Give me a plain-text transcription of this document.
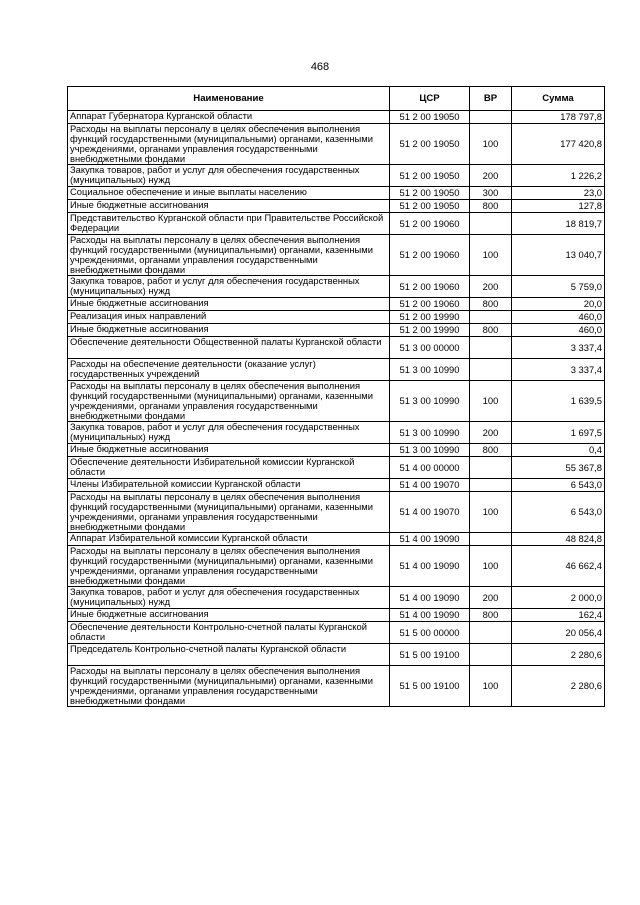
468
Наименование	ЦСР	ВР	Сумма
Аппарат Губернатора Курганской области	51 2 00 19050		178 797,8
Расходы на выплаты персоналу в целях обеспечения выполнения функций государственными (муниципальными) органами, казенными учреждениями, органами управления государственными внебюджетными фондами	51 2 00 19050	100	177 420,8
Закупка товаров, работ и услуг для обеспечения государственных (муниципальных) нужд	51 2 00 19050	200	1 226,2
Социальное обеспечение и иные выплаты населению	51 2 00 19050	300	23,0
Иные бюджетные ассигнования	51 2 00 19050	800	127,8
Представительство Курганской области при Правительстве Российской Федерации	51 2 00 19060		18 819,7
Расходы на выплаты персоналу в целях обеспечения выполнения функций государственными (муниципальными) органами, казенными учреждениями, органами управления государственными внебюджетными фондами	51 2 00 19060	100	13 040,7
Закупка товаров, работ и услуг для обеспечения государственных (муниципальных) нужд	51 2 00 19060	200	5 759,0
Иные бюджетные ассигнования	51 2 00 19060	800	20,0
Реализация иных направлений	51 2 00 19990		460,0
Иные бюджетные ассигнования	51 2 00 19990	800	460,0
Обеспечение деятельности Общественной палаты Курганской области	51 3 00 00000		3 337,4
Расходы на обеспечение деятельности (оказание услуг) государственных учреждений	51 3 00 10990		3 337,4
Расходы на выплаты персоналу в целях обеспечения выполнения функций государственными (муниципальными) органами, казенными учреждениями, органами управления государственными внебюджетными фондами	51 3 00 10990	100	1 639,5
Закупка товаров, работ и услуг для обеспечения государственных (муниципальных) нужд	51 3 00 10990	200	1 697,5
Иные бюджетные ассигнования	51 3 00 10990	800	0,4
Обеспечение деятельности Избирательной комиссии Курганской области	51 4 00 00000		55 367,8
Члены Избирательной комиссии Курганской области	51 4 00 19070		6 543,0
Расходы на выплаты персоналу в целях обеспечения выполнения функций государственными (муниципальными) органами, казенными учреждениями, органами управления государственными внебюджетными фондами	51 4 00 19070	100	6 543,0
Аппарат Избирательной комиссии Курганской области	51 4 00 19090		48 824,8
Расходы на выплаты персоналу в целях обеспечения выполнения функций государственными (муниципальными) органами, казенными учреждениями, органами управления государственными внебюджетными фондами	51 4 00 19090	100	46 662,4
Закупка товаров, работ и услуг для обеспечения государственных (муниципальных) нужд	51 4 00 19090	200	2 000,0
Иные бюджетные ассигнования	51 4 00 19090	800	162,4
Обеспечение деятельности Контрольно-счетной палаты Курганской области	51 5 00 00000		20 056,4
Председатель Контрольно-счетной палаты Курганской области	51 5 00 19100		2 280,6
Расходы на выплаты персоналу в целях обеспечения выполнения функций государственными (муниципальными) органами, казенными учреждениями, органами управления государственными внебюджетными фондами	51 5 00 19100	100	2 280,6
